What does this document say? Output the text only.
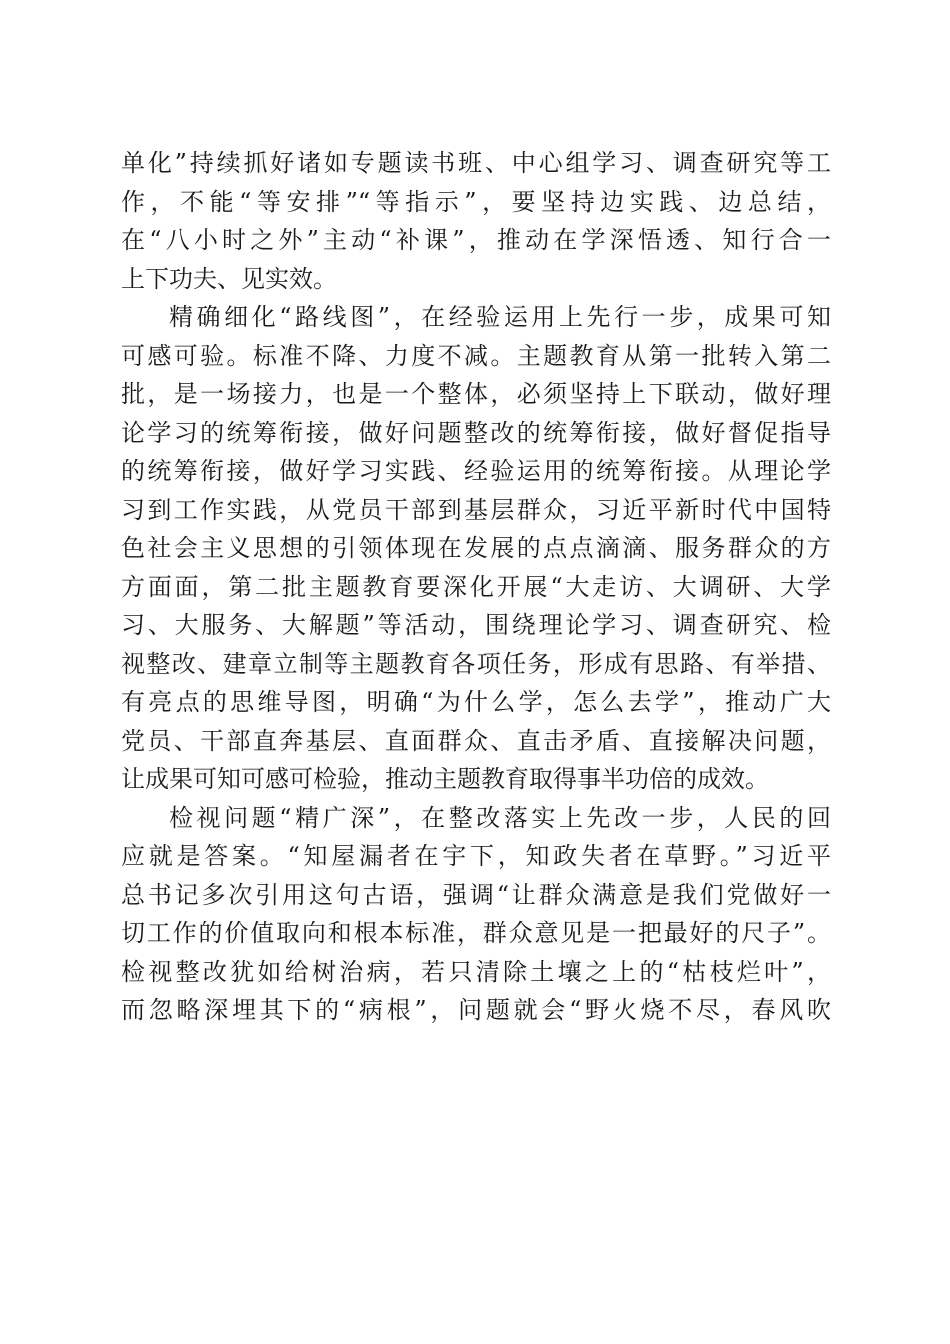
单化”持续抓好诸如专题读书班、中心组学习、调查研究等工
作，不能“等安排”“等指示”，要坚持边实践、边总结，
在“八小时之外”主动“补课”，推动在学深悟透、知行合一
上下功夫、见实效。
精确细化“路线图”，在经验运用上先行一步，成果可知
可感可验。标准不降、力度不减。主题教育从第一批转入第二
批，是一场接力，也是一个整体，必须坚持上下联动，做好理
论学习的统筹衔接，做好问题整改的统筹衔接，做好督促指导
的统筹衔接，做好学习实践、经验运用的统筹衔接。从理论学
习到工作实践，从党员干部到基层群众，习近平新时代中国特
色社会主义思想的引领体现在发展的点点滴滴、服务群众的方
方面面，第二批主题教育要深化开展“大走访、大调研、大学
习、大服务、大解题”等活动，围绕理论学习、调查研究、检
视整改、建章立制等主题教育各项任务，形成有思路、有举措、
有亮点的思维导图，明确“为什么学，怎么去学”，推动广大
党员、干部直奔基层、直面群众、直击矛盾、直接解决问题，
让成果可知可感可检验，推动主题教育取得事半功倍的成效。
检视问题“精广深”，在整改落实上先改一步，人民的回
应就是答案。“知屋漏者在宇下，知政失者在草野。”习近平
总书记多次引用这句古语，强调“让群众满意是我们党做好一
切工作的价值取向和根本标准，群众意见是一把最好的尺子”。
检视整改犹如给树治病，若只清除土壤之上的“枯枝烂叶”，
而忽略深埋其下的“病根”，问题就会“野火烧不尽，春风吹
